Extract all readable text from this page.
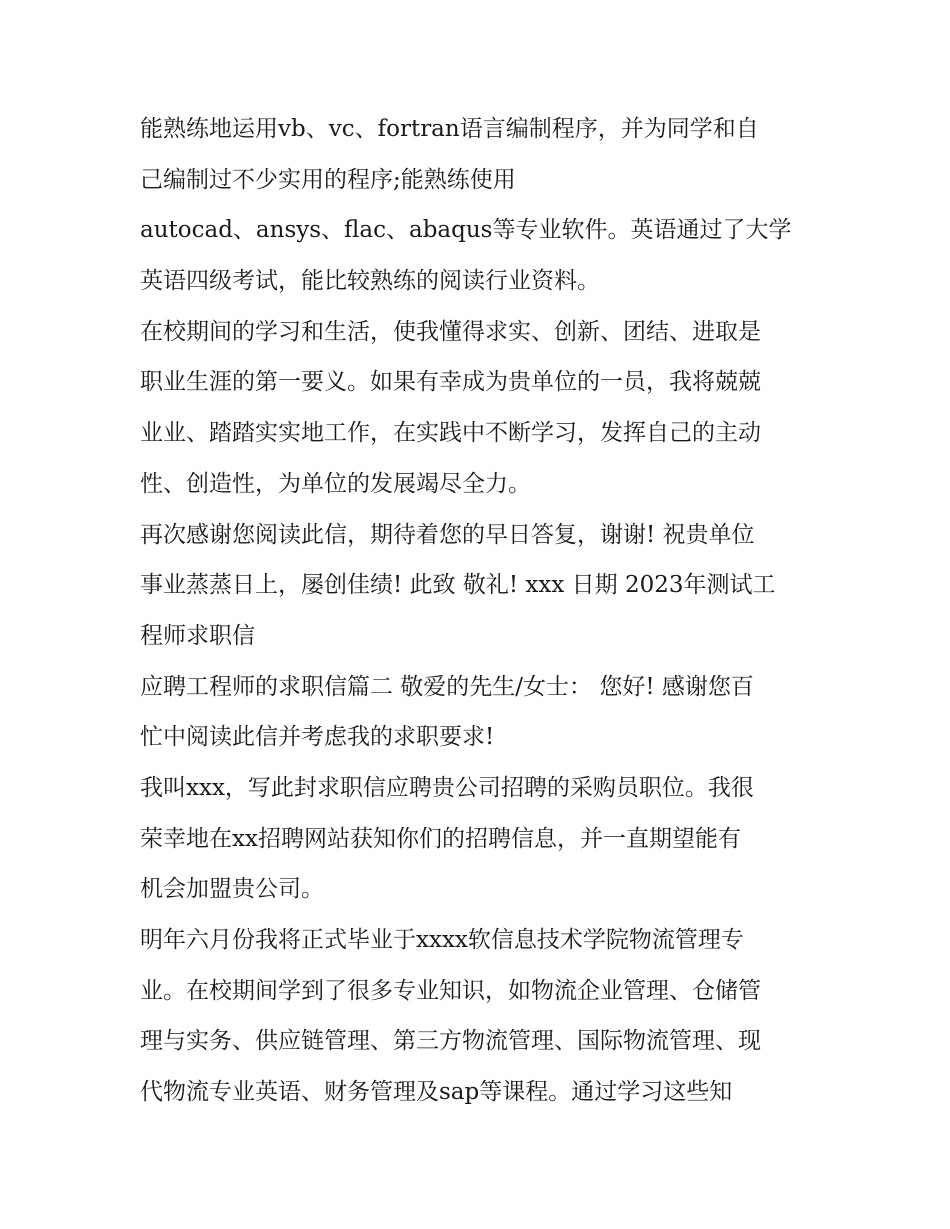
能熟练地运用vb、vc、fortran语言编制程序，并为同学和自
己编制过不少实用的程序;能熟练使用
autocad、ansys、flac、abaqus等专业软件。英语通过了大学
英语四级考试，能比较熟练的阅读行业资料。
在校期间的学习和生活，使我懂得求实、创新、团结、进取是
职业生涯的第一要义。如果有幸成为贵单位的一员，我将兢兢
业业、踏踏实实地工作，在实践中不断学习，发挥自己的主动
性、创造性，为单位的发展竭尽全力。
再次感谢您阅读此信，期待着您的早日答复，谢谢! 祝贵单位
事业蒸蒸日上，屡创佳绩! 此致 敬礼! xxx 日期 2023年测试工
程师求职信
应聘工程师的求职信篇二 敬爱的先生/女士： 您好! 感谢您百
忙中阅读此信并考虑我的求职要求!
我叫xxx，写此封求职信应聘贵公司招聘的采购员职位。我很
荣幸地在xx招聘网站获知你们的招聘信息，并一直期望能有
机会加盟贵公司。
明年六月份我将正式毕业于xxxx软信息技术学院物流管理专
业。在校期间学到了很多专业知识，如物流企业管理、仓储管
理与实务、供应链管理、第三方物流管理、国际物流管理、现
代物流专业英语、财务管理及sap等课程。通过学习这些知
